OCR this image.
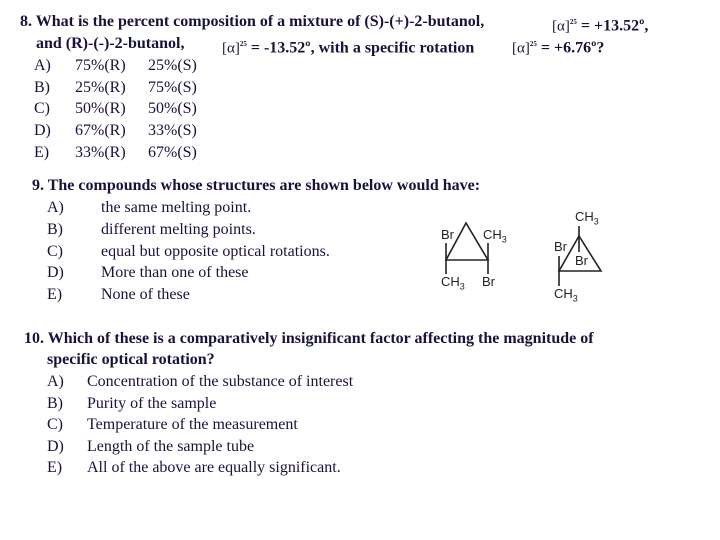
8. What is the percent composition of a mixture of (S)-(+)-2-butanol,	$[\alpha]^{25}$ = +13.52º,
and (R)-(-)-2-butanol,	$[\alpha]^{25}$ = -13.52º, with a specific rotation	$[\alpha]^{25}$ = +6.76º?
A) 75%(R) 25%(S)
B) 25%(R) 75%(S)
C) 50%(R) 50%(S)
D) 67%(R) 33%(S)
E) 33%(R) 67%(S)
9. The compounds whose structures are shown below would have:
A) the same melting point.
B) different melting points.
C) equal but opposite optical rotations.
D) More than one of these
E) None of these
Br $CH_3$
$CH_3$ Br
$CH_3$
Br
Br
$CH_3$
10. Which of these is a comparatively insignificant factor affecting the magnitude of
specific optical rotation?
A) Concentration of the substance of interest
B) Purity of the sample
C) Temperature of the measurement
D) Length of the sample tube
E) All of the above are equally significant.
